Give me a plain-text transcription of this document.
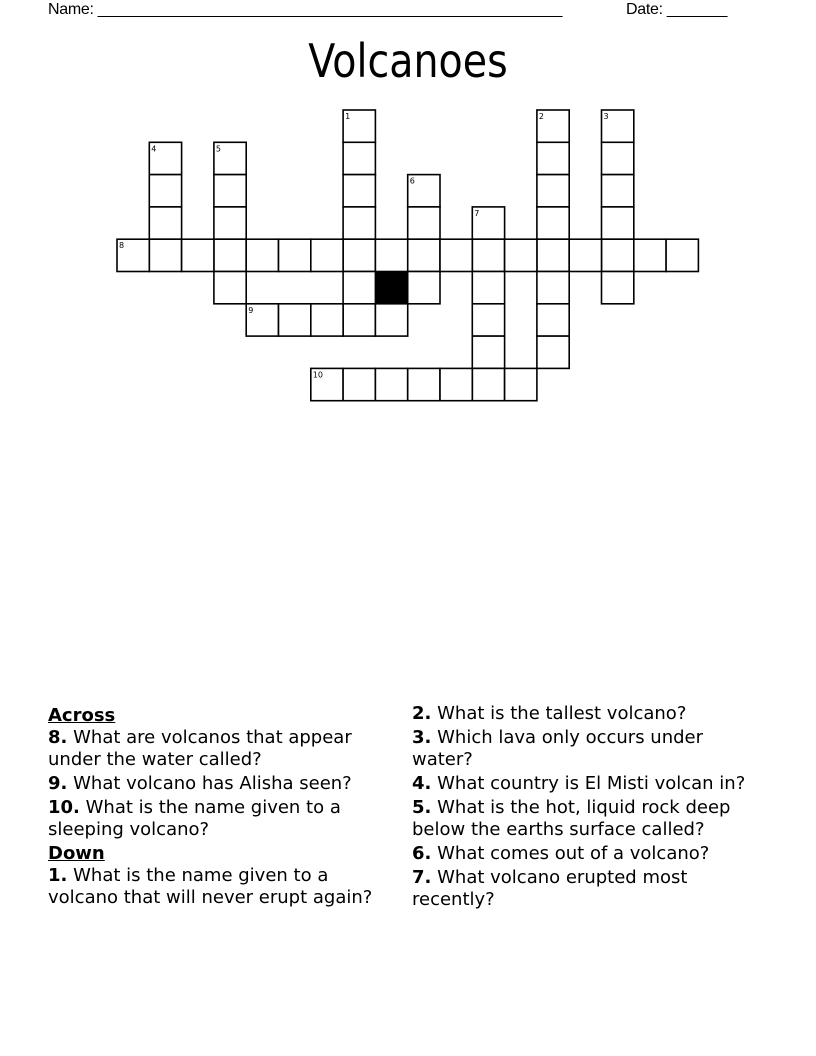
Name: ______________________________________________________	Date: _______
Volcanoes
1	2	3
4	5
6
7
8
9
10
Across
8. What are volcanos that appear under the water called?
9. What volcano has Alisha seen?
10. What is the name given to a sleeping volcano?
Down
1. What is the name given to a volcano that will never erupt again?
2. What is the tallest volcano?
3. Which lava only occurs under water?
4. What country is El Misti volcan in?
5. What is the hot, liquid rock deep below the earths surface called?
6. What comes out of a volcano?
7. What volcano erupted most recently?
